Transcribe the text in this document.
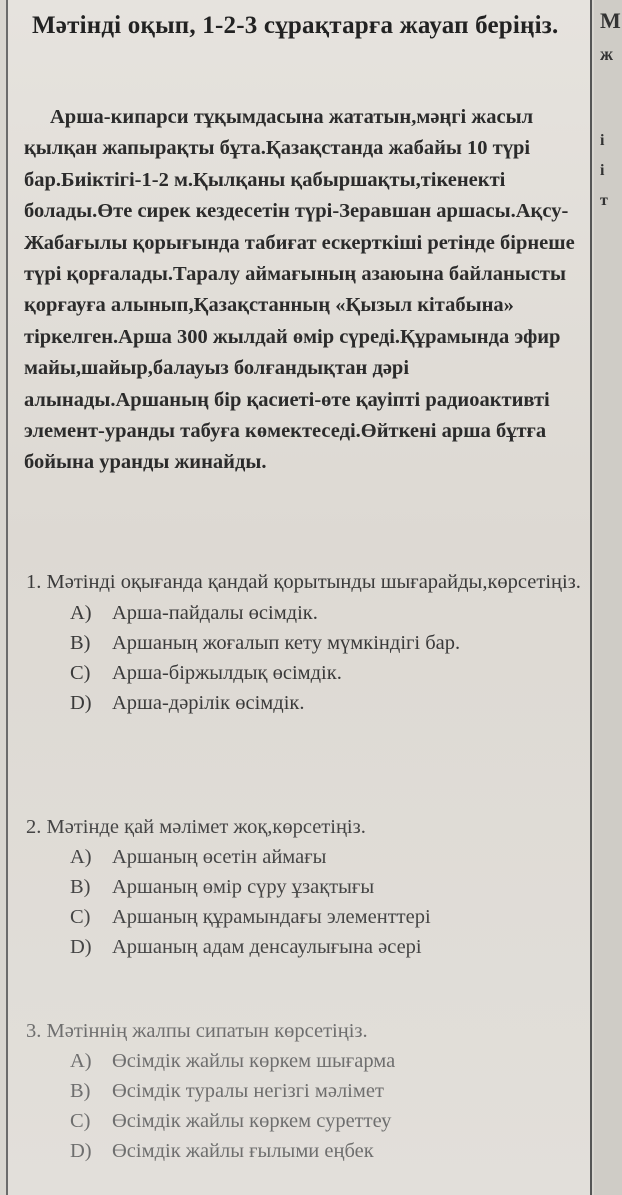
Мәтінді оқып, 1-2-3 сұрақтарға жауап беріңіз.
Арша-кипарси тұқымдасына жататын,мәңгі жасыл қылқан жапырақты бұта.Қазақстанда жабайы 10 түрі бар.Биіктігі-1-2 м.Қылқаны қабыршақты,тікенекті болады.Өте сирек кездесетін түрі-Зеравшан аршасы.Ақсу-Жабағылы қорығында табиғат ескерткіші ретінде бірнеше түрі қорғалады.Таралу аймағының азаюына байланысты қорғауға алынып,Қазақстанның «Қызыл кітабына» тіркелген.Арша 300 жылдай өмір сүреді.Құрамында эфир майы,шайыр,балауыз болғандықтан дәрі алынады.Аршаның бір қасиеті-өте қауіпті радиоактивті элемент-уранды табуға көмектеседі.Өйткені арша бұтға бойына уранды жинайды.
1. Мәтінді оқығанда қандай қорытынды шығарайды,көрсетіңіз.
A) Арша-пайдалы өсімдік.
B) Аршаның жоғалып кету мүмкіндігі бар.
C) Арша-біржылдық өсімдік.
D) Арша-дәрілік өсімдік.
2. Мәтінде қай мәлімет жоқ,көрсетіңіз.
A) Аршаның өсетін аймағы
B) Аршаның өмір сүру ұзақтығы
C) Аршаның құрамындағы элементтері
D) Аршаның адам денсаулығына әсері
3. Мәтіннің жалпы сипатын көрсетіңіз.
A) Өсімдік жайлы көркем шығарма
B) Өсімдік туралы негізгі мәлімет
C) Өсімдік жайлы көркем суреттеу
D) Өсімдік жайлы ғылыми еңбек
М
ж
і
і
т
